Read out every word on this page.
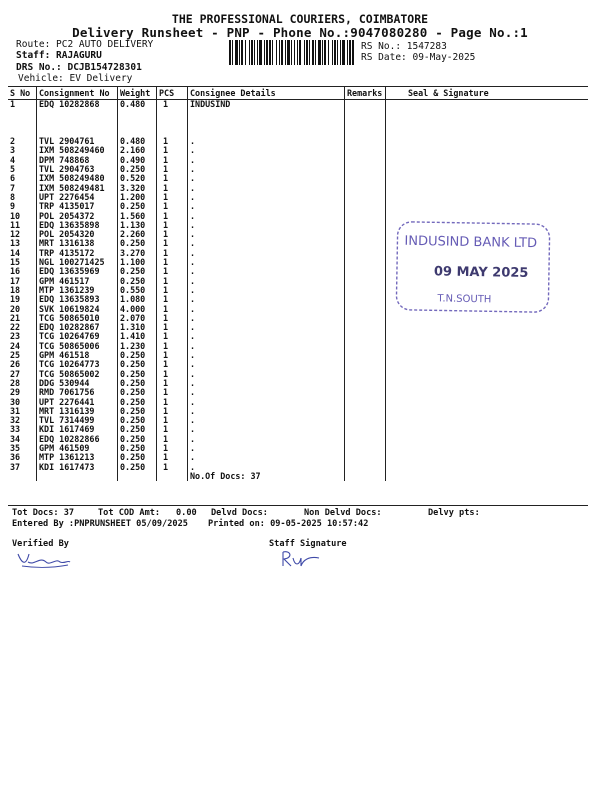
THE PROFESSIONAL COURIERS, COIMBATORE
Delivery Runsheet - PNP - Phone No.:9047080280 - Page No.:1
Route: PC2 AUTO DELIVERY
Staff: RAJAGURU
DRS No.: DCJB154728301
Vehicle: EV Delivery
RS No.: 1547283
RS Date: 09-May-2025
S No	Consignment No	Weight	PCS	Consignee Details	Remarks	Seal & Signature
1	EDQ 10282868	0.480	1	INDUSIND		

2	TVL 2904761	0.480	1	.		
3	IXM 508249460	2.160	1	.		
4	DPM 748868	0.490	1	.		
5	TVL 2904763	0.250	1	.		
6	IXM 508249480	0.520	1	.		
7	IXM 508249481	3.320	1	.		
8	UPT 2276454	1.200	1	.		
9	TRP 4135017	0.250	1	.		
10	POL 2054372	1.560	1	.		
11	EDQ 13635898	1.130	1	.		
12	POL 2054320	2.260	1	.		
13	MRT 1316138	0.250	1	.		
14	TRP 4135172	3.270	1	.		
15	NGL 100271425	1.100	1	.		
16	EDQ 13635969	0.250	1	.		
17	GPM 461517	0.250	1	.		
18	MTP 1361239	0.550	1	.		
19	EDQ 13635893	1.080	1	.		
20	SVK 10619824	4.000	1	.		
21	TCG 50865010	2.070	1	.		
22	EDQ 10282867	1.310	1	.		
23	TCG 10264769	1.410	1	.		
24	TCG 50865006	1.230	1	.		
25	GPM 461518	0.250	1	.		
26	TCG 10264773	0.250	1	.		
27	TCG 50865002	0.250	1	.		
28	DDG 530944	0.250	1	.		
29	RMD 7061756	0.250	1	.		
30	UPT 2276441	0.250	1	.		
31	MRT 1316139	0.250	1	.		
32	TVL 7314499	0.250	1	.		
33	KDI 1617469	0.250	1	.		
34	EDQ 10282866	0.250	1	.		
35	GPM 461509	0.250	1	.		
36	MTP 1361213	0.250	1	.		
37	KDI 1617473	0.250	1	.		
				No.Of Docs: 37		
Tot Docs: 37	Tot COD Amt: 0.00 Delvd Docs:	Non Delvd Docs:	Delvy pts:
Entered By :PNPRUNSHEET 05/09/2025 Printed on: 09-05-2025 10:57:42
Verified By	Staff Signature
INDUSIND BANK LTD
09 MAY 2025
T.N.SOUTH
